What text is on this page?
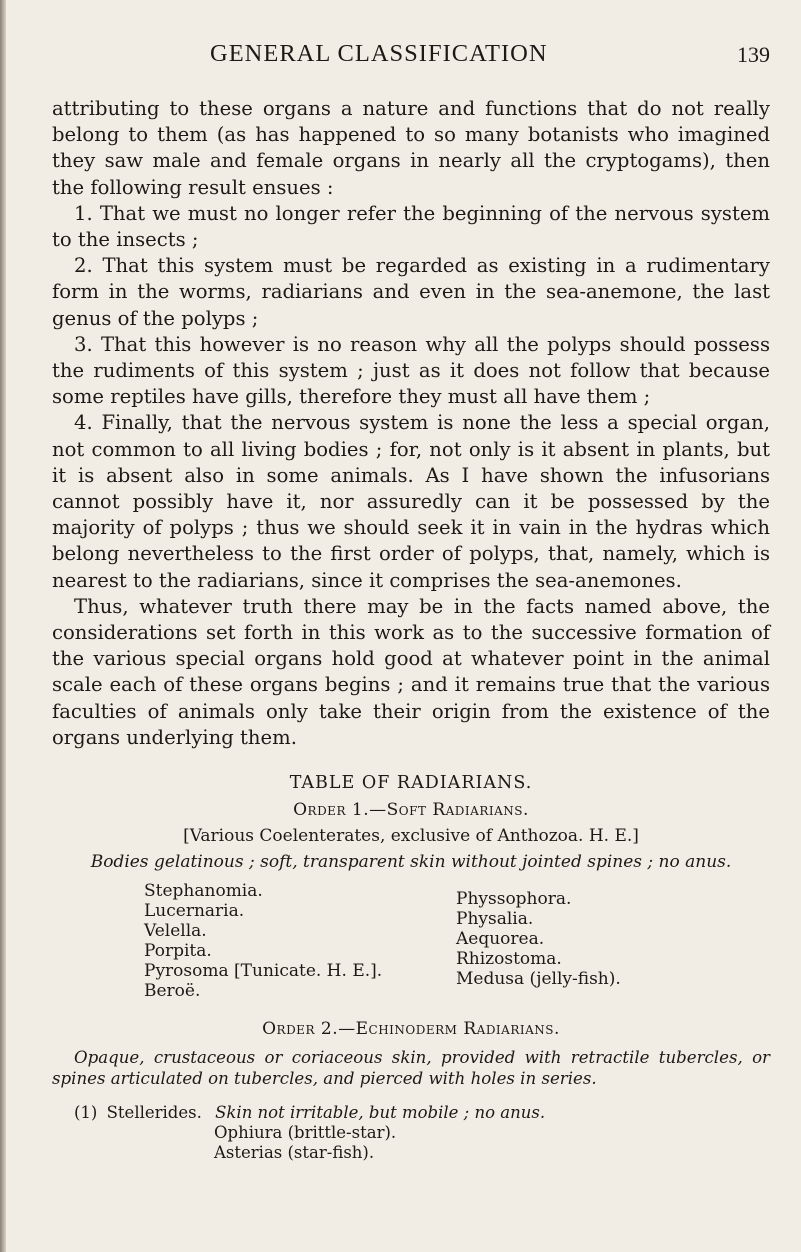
GENERAL CLASSIFICATION	139

attributing to these organs a nature and functions that do not really belong to them (as has happened to so many botanists who imagined they saw male and female organs in nearly all the cryptogams), then the following result ensues :

1. That we must no longer refer the beginning of the nervous system to the insects ;

2. That this system must be regarded as existing in a rudimentary form in the worms, radiarians and even in the sea-anemone, the last genus of the polyps ;

3. That this however is no reason why all the polyps should possess the rudiments of this system ; just as it does not follow that because some reptiles have gills, therefore they must all have them ;

4. Finally, that the nervous system is none the less a special organ, not common to all living bodies ; for, not only is it absent in plants, but it is absent also in some animals. As I have shown the infusorians cannot possibly have it, nor assuredly can it be possessed by the majority of polyps ; thus we should seek it in vain in the hydras which belong nevertheless to the first order of polyps, that, namely, which is nearest to the radiarians, since it comprises the sea-anemones.

Thus, whatever truth there may be in the facts named above, the considerations set forth in this work as to the successive formation of the various special organs hold good at whatever point in the animal scale each of these organs begins ; and it remains true that the various faculties of animals only take their origin from the existence of the organs underlying them.

TABLE OF RADIARIANS.
Order 1.—Soft Radiarians.
[Various Coelenterates, exclusive of Anthozoa. H. E.]
Bodies gelatinous ; soft, transparent skin without jointed spines ; no anus.
Stephanomia.
Lucernaria.
Velella.
Porpita.
Pyrosoma [Tunicate. H. E.].
Beroë.
Physsophora.
Physalia.
Aequorea.
Rhizostoma.
Medusa (jelly-fish).
Order 2.—Echinoderm Radiarians.
Opaque, crustaceous or coriaceous skin, provided with retractile tubercles, or spines articulated on tubercles, and pierced with holes in series.
(1) Stellerides. Skin not irritable, but mobile ; no anus.
Ophiura (brittle-star).
Asterias (star-fish).
